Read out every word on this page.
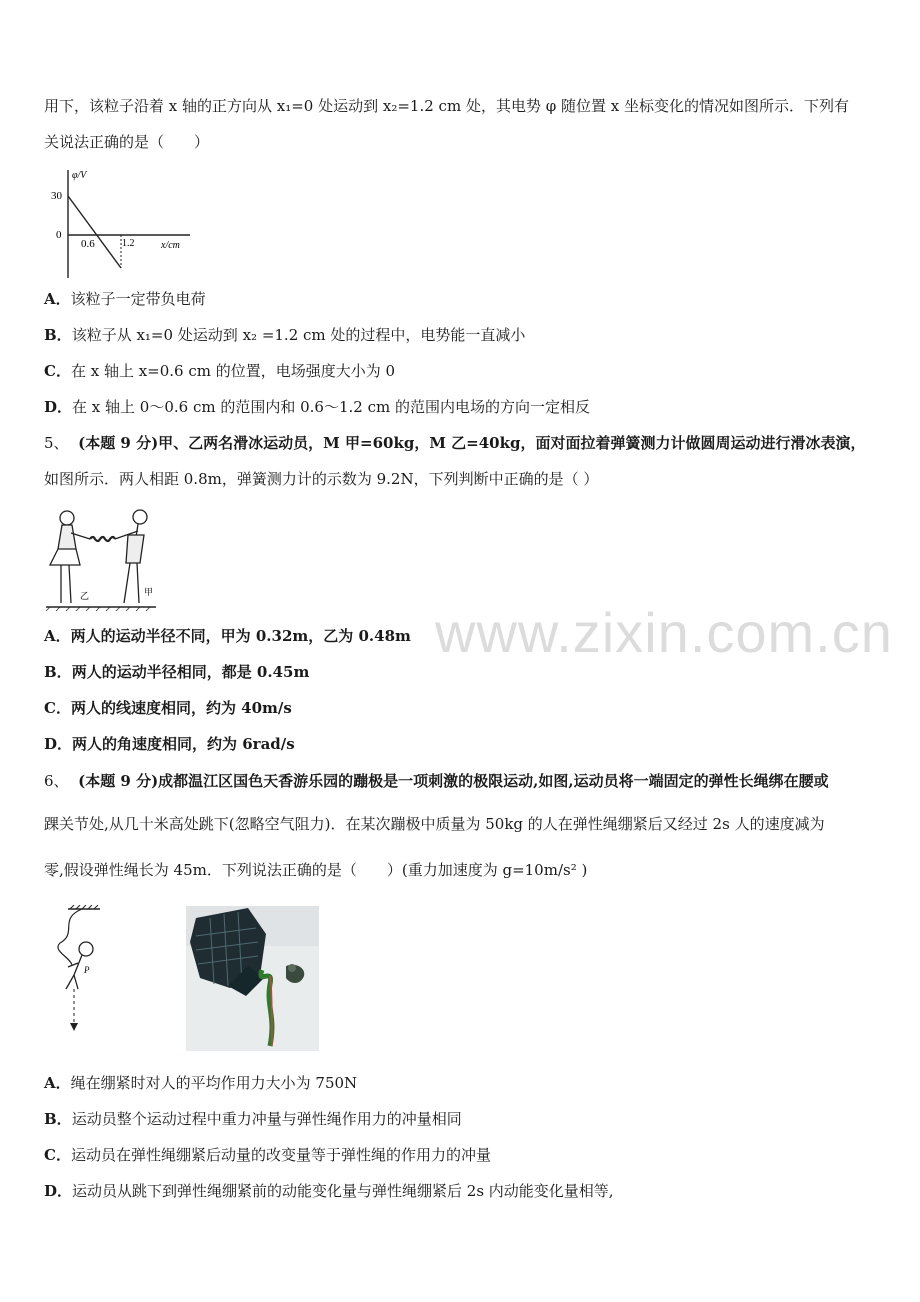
用下，该粒子沿着 x 轴的正方向从 x₁=0 处运动到 x₂=1.2 cm 处，其电势 φ 随位置 x 坐标变化的情况如图所示．下列有
关说法正确的是（　　）
φ/V
30
0
0.6	1.2	x/cm
A．该粒子一定带负电荷
B．该粒子从 x₁=0 处运动到 x₂ =1.2 cm 处的过程中，电势能一直减小
C．在 x 轴上 x=0.6 cm 的位置，电场强度大小为 0
D．在 x 轴上 0～0.6 cm 的范围内和 0.6～1.2 cm 的范围内电场的方向一定相反
5、 (本题 9 分)甲、乙两名滑冰运动员，M 甲=60kg，M 乙=40kg，面对面拉着弹簧测力计做圆周运动进行滑冰表演，
如图所示．两人相距 0.8m，弹簧测力计的示数为 9.2N，下列判断中正确的是（ ）
乙	甲
A．两人的运动半径不同，甲为 0.32m，乙为 0.48m
B．两人的运动半径相同，都是 0.45m
C．两人的线速度相同，约为 40m/s
D．两人的角速度相同，约为 6rad/s
6、 (本题 9 分)成都温江区国色天香游乐园的蹦极是一项刺激的极限运动,如图,运动员将一端固定的弹性长绳绑在腰或
踝关节处,从几十米高处跳下(忽略空气阻力)．在某次蹦极中质量为 50kg 的人在弹性绳绷紧后又经过 2s 人的速度减为
零,假设弹性绳长为 45m．下列说法正确的是（　　）(重力加速度为 g=10m/s² )
P
A．绳在绷紧时对人的平均作用力大小为 750N
B．运动员整个运动过程中重力冲量与弹性绳作用力的冲量相同
C．运动员在弹性绳绷紧后动量的改变量等于弹性绳的作用力的冲量
D．运动员从跳下到弹性绳绷紧前的动能变化量与弹性绳绷紧后 2s 内动能变化量相等,
www.zixin.com.cn
